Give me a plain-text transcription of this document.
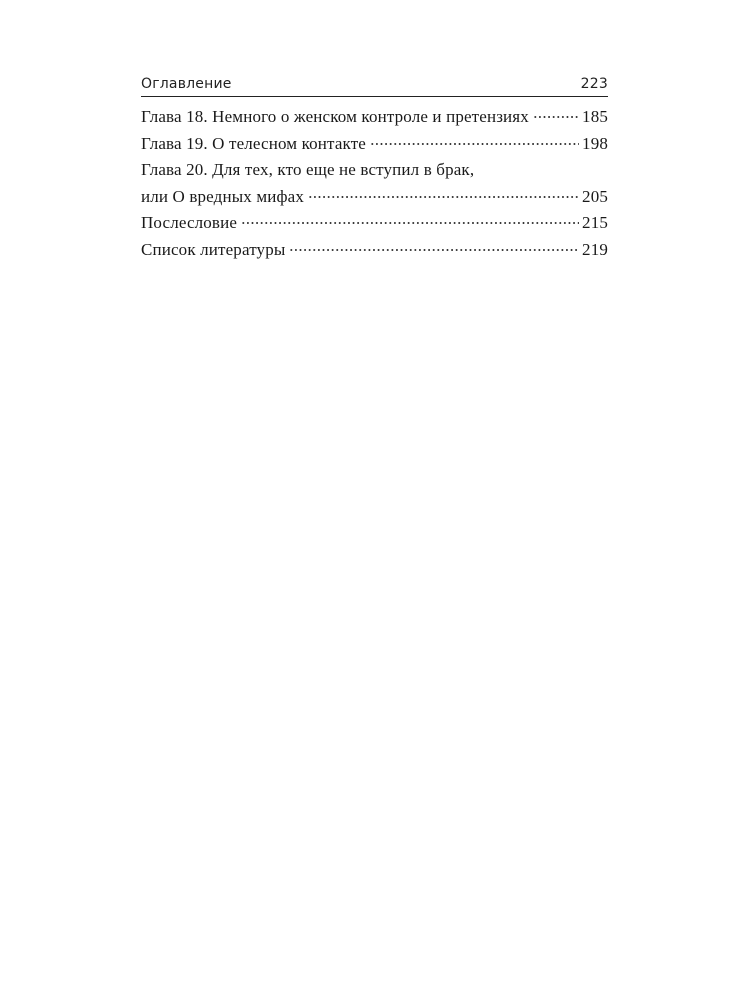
Оглавление	223
Глава 18. Немного о женском контроле и претензиях	185
Глава 19. О телесном контакте	198
Глава 20. Для тех, кто еще не вступил в брак,
или О вредных мифах	205
Послесловие	215
Список литературы	219
